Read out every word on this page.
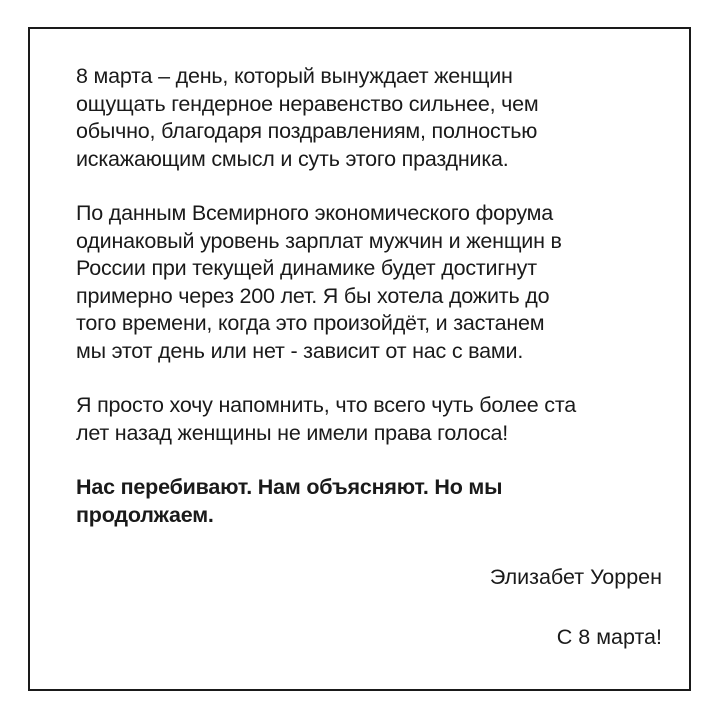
8 марта – день, который вынуждает женщин
ощущать гендерное неравенство сильнее, чем
обычно, благодаря поздравлениям, полностью
искажающим смысл и суть этого праздника.

По данным Всемирного экономического форума
одинаковый уровень зарплат мужчин и женщин в
России при текущей динамике будет достигнут
примерно через 200 лет. Я бы хотела дожить до
того времени, когда это произойдёт, и застанем
мы этот день или нет - зависит от нас с вами.

Я просто хочу напомнить, что всего чуть более ста
лет назад женщины не имели права голоса!

Нас перебивают. Нам объясняют. Но мы
продолжаем.

Элизабет Уоррен
С 8 марта!
